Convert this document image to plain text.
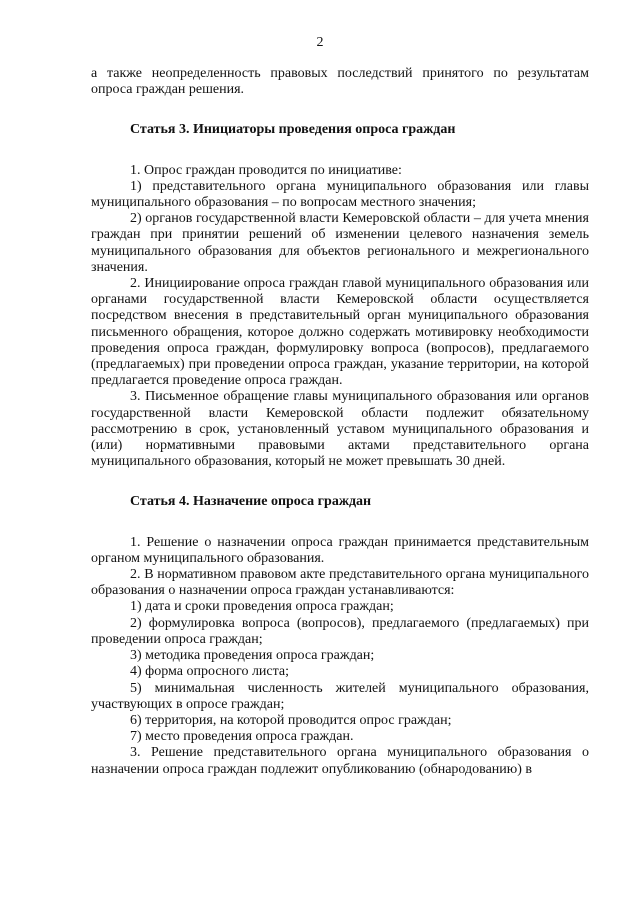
2

а также неопределенность правовых последствий принятого по результатам опроса граждан решения.

Статья 3. Инициаторы проведения опроса граждан

1. Опрос граждан проводится по инициативе:

1) представительного органа муниципального образования или главы муниципального образования – по вопросам местного значения;

2) органов государственной власти Кемеровской области – для учета мнения граждан при принятии решений об изменении целевого назначения земель муниципального образования для объектов регионального и межрегионального значения.

2. Инициирование опроса граждан главой муниципального образования или органами государственной власти Кемеровской области осуществляется посредством внесения в представительный орган муниципального образования письменного обращения, которое должно содержать мотивировку необходимости проведения опроса граждан, формулировку вопроса (вопросов), предлагаемого (предлагаемых) при проведении опроса граждан, указание территории, на которой предлагается проведение опроса граждан.

3. Письменное обращение главы муниципального образования или органов государственной власти Кемеровской области подлежит обязательному рассмотрению в срок, установленный уставом муниципального образования и (или) нормативными правовыми актами представительного органа муниципального образования, который не может превышать 30 дней.

Статья 4. Назначение опроса граждан

1. Решение о назначении опроса граждан принимается представительным органом муниципального образования.

2. В нормативном правовом акте представительного органа муниципального образования о назначении опроса граждан устанавливаются:

1) дата и сроки проведения опроса граждан;

2) формулировка вопроса (вопросов), предлагаемого (предлагаемых) при проведении опроса граждан;

3) методика проведения опроса граждан;

4) форма опросного листа;

5) минимальная численность жителей муниципального образования, участвующих в опросе граждан;

6) территория, на которой проводится опрос граждан;

7) место проведения опроса граждан.

3. Решение представительного органа муниципального образования о назначении опроса граждан подлежит опубликованию (обнародованию) в
